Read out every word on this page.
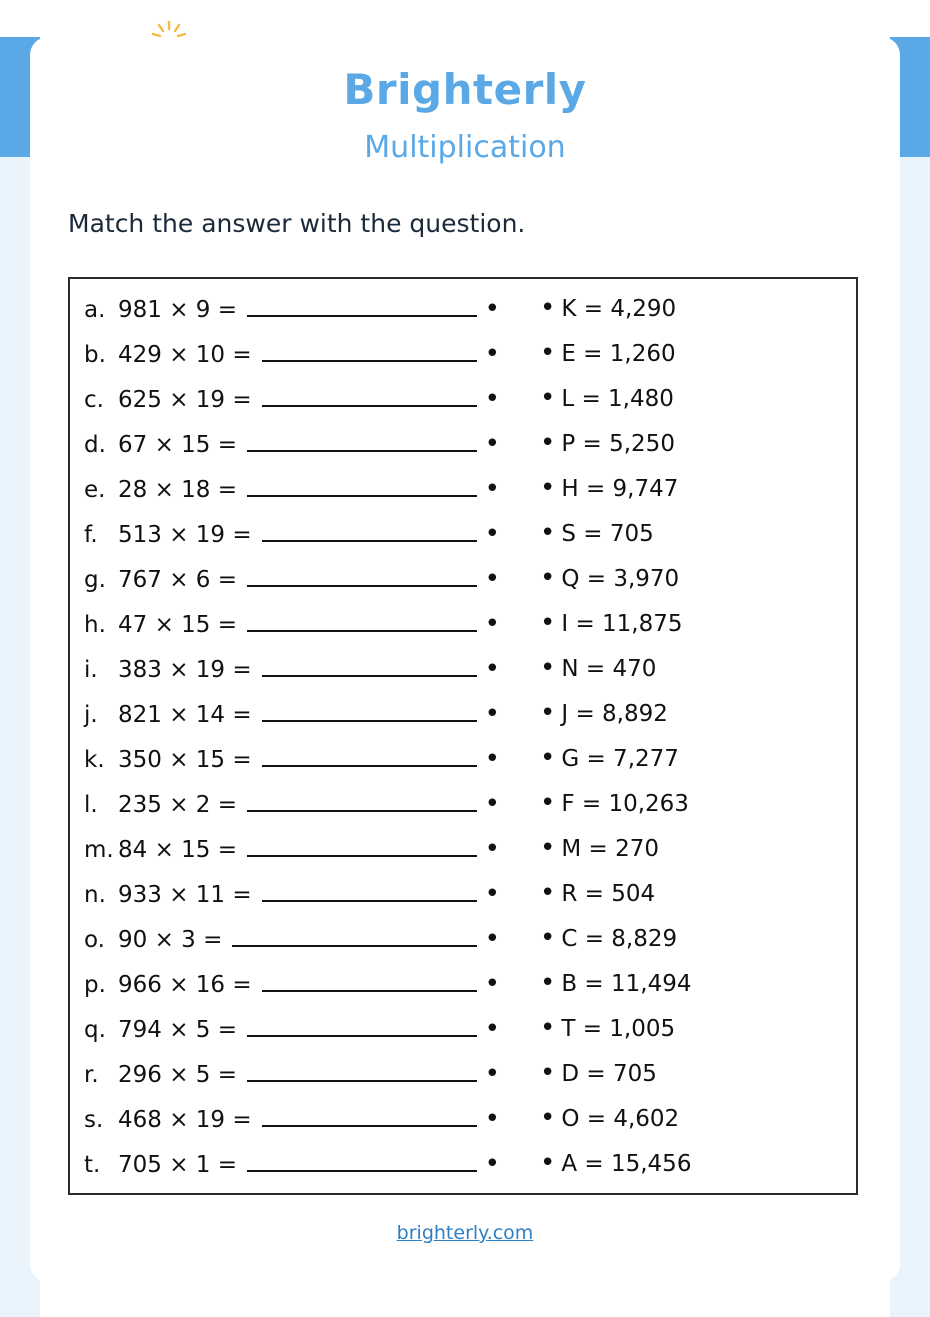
Brighterly
Multiplication
Match the answer with the question.
a. 981 × 9 =	•
b. 429 × 10 =	•
c. 625 × 19 =	•
d. 67 × 15 =	•
e. 28 × 18 =	•
f. 513 × 19 =	•
g. 767 × 6 =	•
h. 47 × 15 =	•
i. 383 × 19 =	•
j. 821 × 14 =	•
k. 350 × 15 =	•
l. 235 × 2 =	•
m. 84 × 15 =	•
n. 933 × 11 =	•
o. 90 × 3 =	•
p. 966 × 16 =	•
q. 794 × 5 =	•
r. 296 × 5 =	•
s. 468 × 19 =	•
t. 705 × 1 =	•
• K = 4,290
• E = 1,260
• L = 1,480
• P = 5,250
• H = 9,747
• S = 705
• Q = 3,970
• I = 11,875
• N = 470
• J = 8,892
• G = 7,277
• F = 10,263
• M = 270
• R = 504
• C = 8,829
• B = 11,494
• T = 1,005
• D = 705
• O = 4,602
• A = 15,456
brighterly.com
